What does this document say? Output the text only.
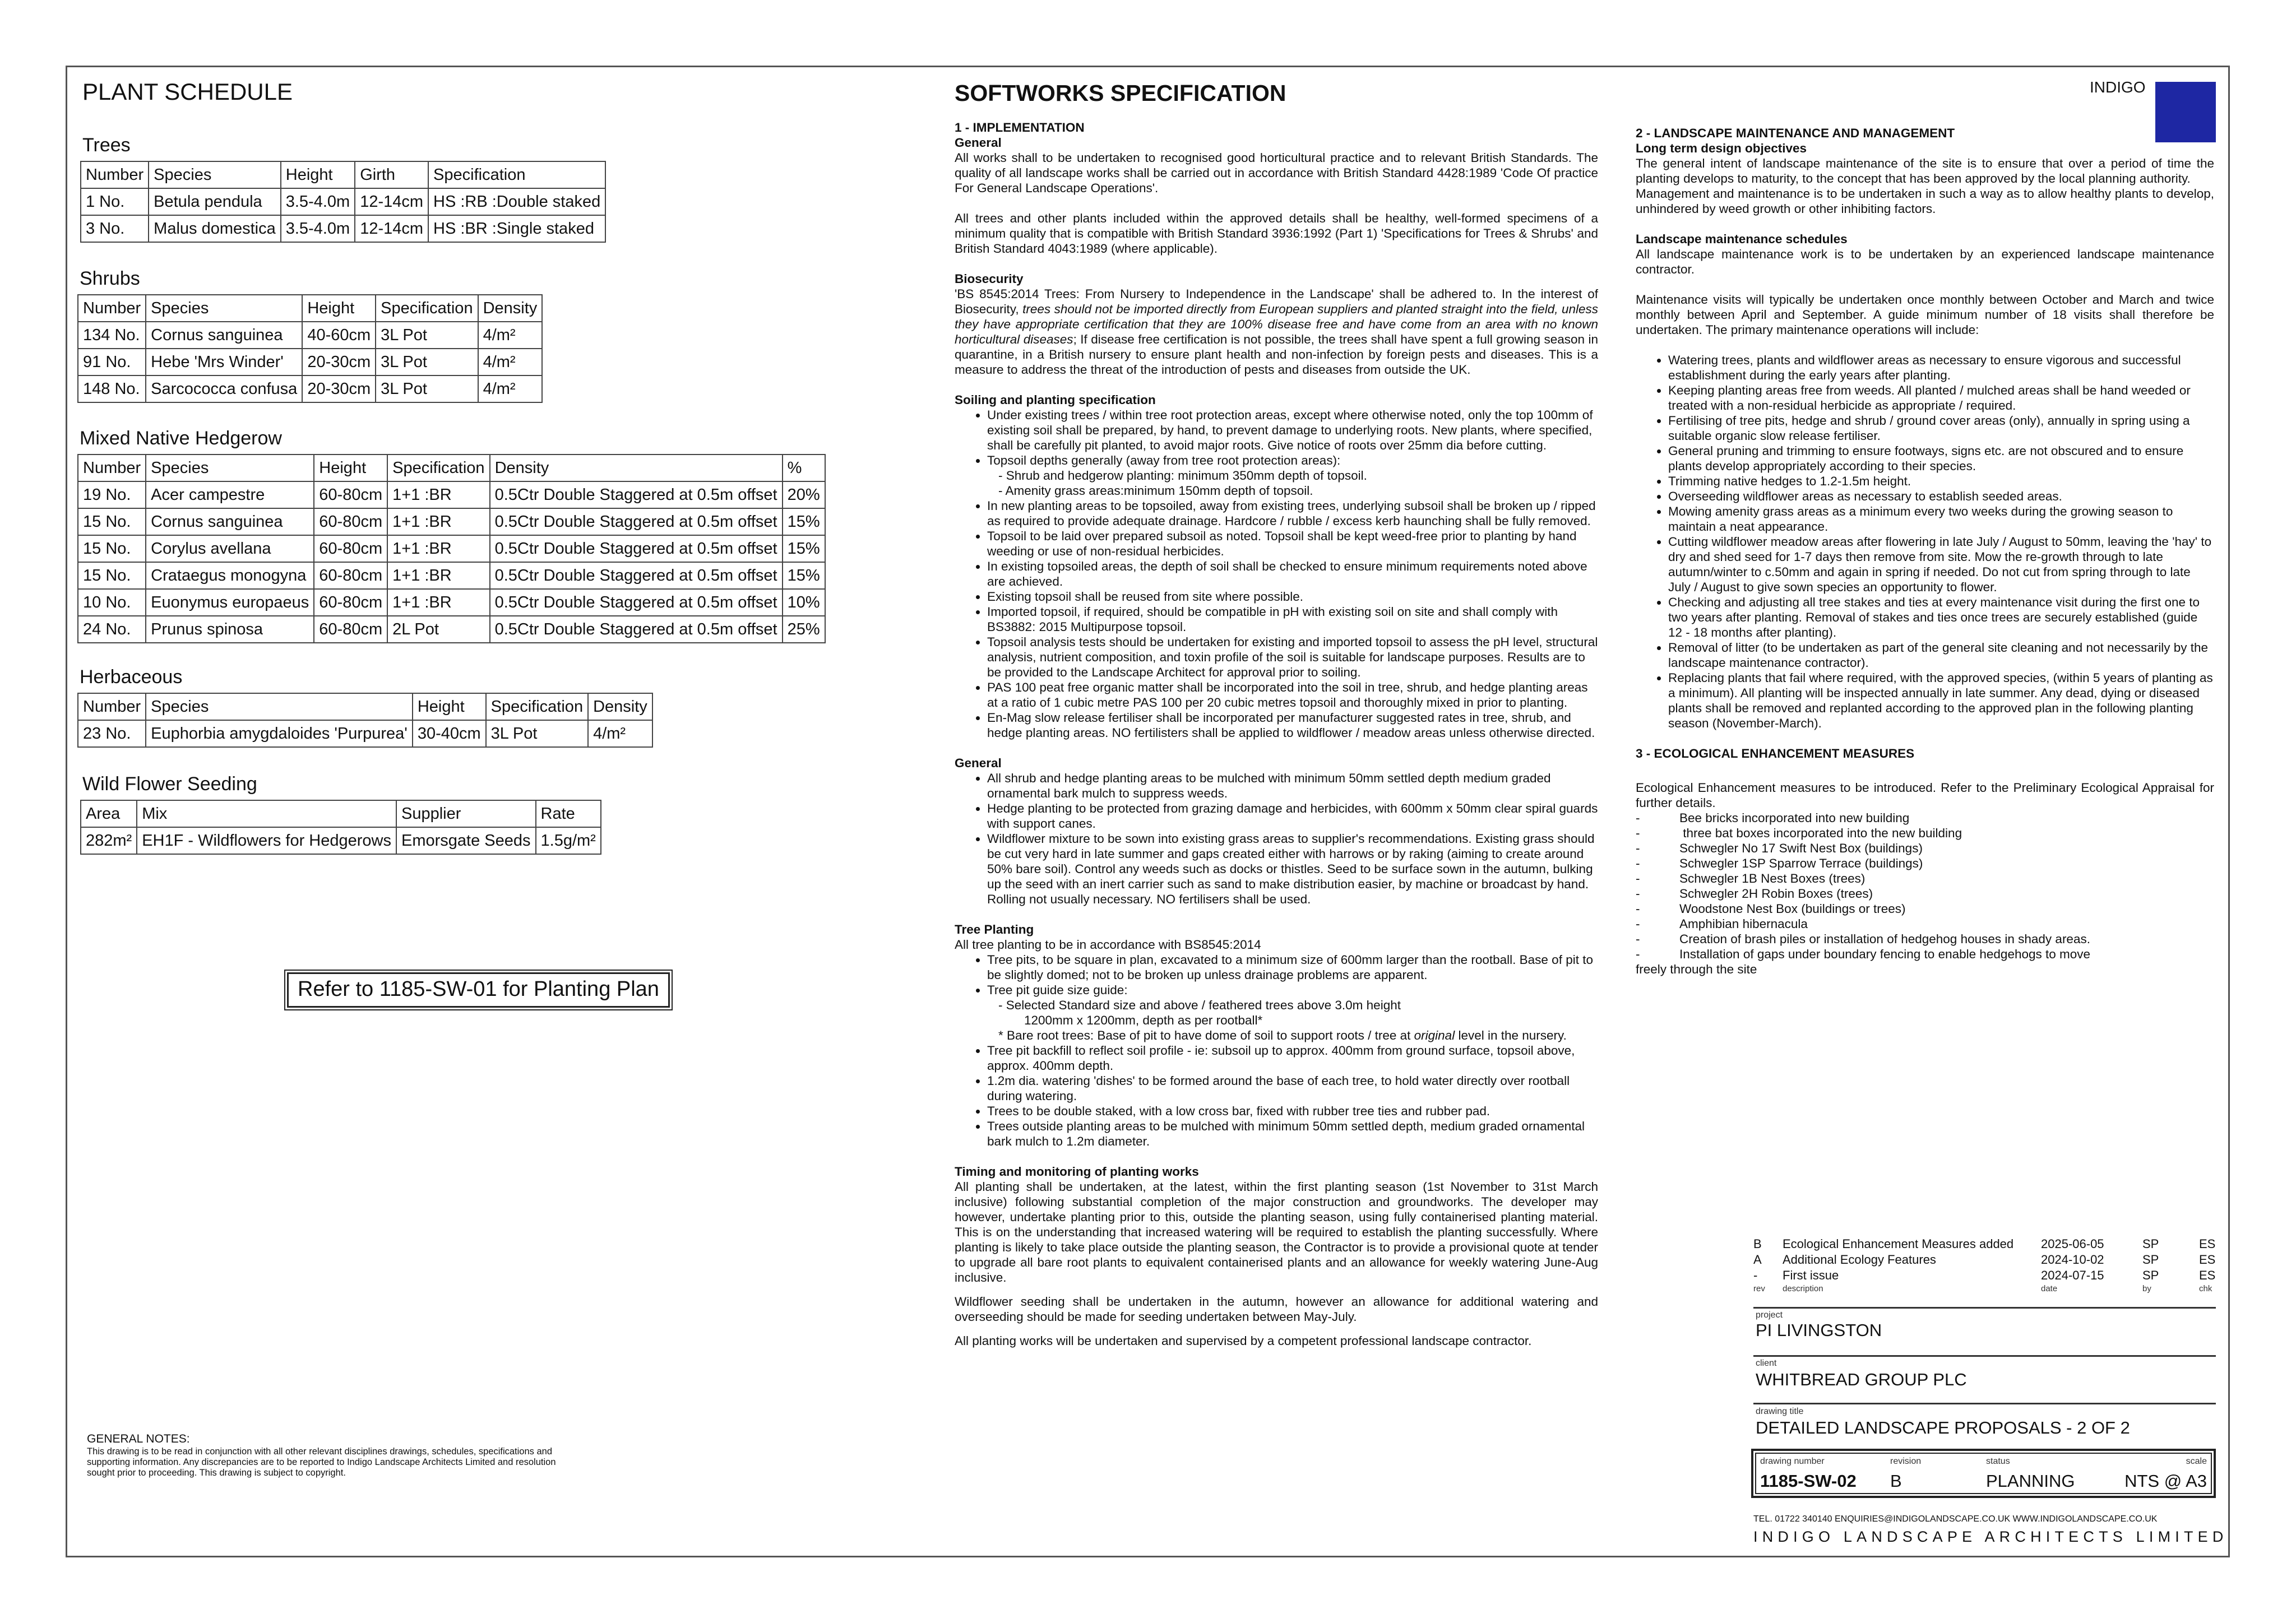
PLANT SCHEDULE
Trees
Number	Species	Height	Girth	Specification
1 No.	Betula pendula	3.5-4.0m	12-14cm	HS :RB :Double staked
3 No.	Malus domestica	3.5-4.0m	12-14cm	HS :BR :Single staked
Shrubs
Number	Species	Height	Specification	Density
134 No.	Cornus sanguinea	40-60cm	3L Pot	4/m²
91 No.	Hebe 'Mrs Winder'	20-30cm	3L Pot	4/m²
148 No.	Sarcococca confusa	20-30cm	3L Pot	4/m²
Mixed Native Hedgerow
Number	Species	Height	Specification	Density	%
19 No.	Acer campestre	60-80cm	1+1 :BR	0.5Ctr Double Staggered at 0.5m offset	20%
15 No.	Cornus sanguinea	60-80cm	1+1 :BR	0.5Ctr Double Staggered at 0.5m offset	15%
15 No.	Corylus avellana	60-80cm	1+1 :BR	0.5Ctr Double Staggered at 0.5m offset	15%
15 No.	Crataegus monogyna	60-80cm	1+1 :BR	0.5Ctr Double Staggered at 0.5m offset	15%
10 No.	Euonymus europaeus	60-80cm	1+1 :BR	0.5Ctr Double Staggered at 0.5m offset	10%
24 No.	Prunus spinosa	60-80cm	2L Pot	0.5Ctr Double Staggered at 0.5m offset	25%
Herbaceous
Number	Species	Height	Specification	Density
23 No.	Euphorbia amygdaloides 'Purpurea'	30-40cm	3L Pot	4/m²
Wild Flower Seeding
Area	Mix	Supplier	Rate
282m²	EH1F - Wildflowers for Hedgerows	Emorsgate Seeds	1.5g/m²
Refer to 1185-SW-01 for Planting Plan
GENERAL NOTES:
This drawing is to be read in conjunction with all other relevant disciplines drawings, schedules, specifications and supporting information. Any discrepancies are to be reported to Indigo Landscape Architects Limited and resolution sought prior to proceeding. This drawing is subject to copyright.
SOFTWORKS SPECIFICATION
1 - IMPLEMENTATION
General

All works shall to be undertaken to recognised good horticultural practice and to relevant British Standards. The quality of all landscape works shall be carried out in accordance with British Standard 4428:1989 'Code Of practice For General Landscape Operations'.

All trees and other plants included within the approved details shall be healthy, well-formed specimens of a minimum quality that is compatible with British Standard 3936:1992 (Part 1) 'Specifications for Trees & Shrubs' and British Standard 4043:1989 (where applicable).

Biosecurity

'BS 8545:2014 Trees: From Nursery to Independence in the Landscape' shall be adhered to. In the interest of Biosecurity, trees should not be imported directly from European suppliers and planted straight into the field, unless they have appropriate certification that they are 100% disease free and have come from an area with no known horticultural diseases; If disease free certification is not possible, the trees shall have spent a full growing season in quarantine, in a British nursery to ensure plant health and non-infection by foreign pests and diseases. This is a measure to address the threat of the introduction of pests and diseases from outside the UK.

Soiling and planting specification
• Under existing trees / within tree root protection areas, except where otherwise noted, only the top 100mm of existing soil shall be prepared, by hand, to prevent damage to underlying roots. New plants, where specified, shall be carefully pit planted, to avoid major roots. Give notice of roots over 25mm dia before cutting.
• Topsoil depths generally (away from tree root protection areas):
- Shrub and hedgerow planting: minimum 350mm depth of topsoil.
- Amenity grass areas:minimum 150mm depth of topsoil.
• In new planting areas to be topsoiled, away from existing trees, underlying subsoil shall be broken up / ripped as required to provide adequate drainage. Hardcore / rubble / excess kerb haunching shall be fully removed.
• Topsoil to be laid over prepared subsoil as noted. Topsoil shall be kept weed-free prior to planting by hand weeding or use of non-residual herbicides.
• In existing topsoiled areas, the depth of soil shall be checked to ensure minimum requirements noted above are achieved.
• Existing topsoil shall be reused from site where possible.
• Imported topsoil, if required, should be compatible in pH with existing soil on site and shall comply with BS3882: 2015 Multipurpose topsoil.
• Topsoil analysis tests should be undertaken for existing and imported topsoil to assess the pH level, structural analysis, nutrient composition, and toxin profile of the soil is suitable for landscape purposes. Results are to be provided to the Landscape Architect for approval prior to soiling.
• PAS 100 peat free organic matter shall be incorporated into the soil in tree, shrub, and hedge planting areas at a ratio of 1 cubic metre PAS 100 per 20 cubic metres topsoil and thoroughly mixed in prior to planting.
• En-Mag slow release fertiliser shall be incorporated per manufacturer suggested rates in tree, shrub, and hedge planting areas. NO fertilisters shall be applied to wildflower / meadow areas unless otherwise directed.
General
• All shrub and hedge planting areas to be mulched with minimum 50mm settled depth medium graded ornamental bark mulch to suppress weeds.
• Hedge planting to be protected from grazing damage and herbicides, with 600mm x 50mm clear spiral guards with support canes.
• Wildflower mixture to be sown into existing grass areas to supplier's recommendations. Existing grass should be cut very hard in late summer and gaps created either with harrows or by raking (aiming to create around 50% bare soil). Control any weeds such as docks or thistles. Seed to be surface sown in the autumn, bulking up the seed with an inert carrier such as sand to make distribution easier, by machine or broadcast by hand. Rolling not usually necessary. NO fertilisers shall be used.
Tree Planting
All tree planting to be in accordance with BS8545:2014
• Tree pits, to be square in plan, excavated to a minimum size of 600mm larger than the rootball. Base of pit to be slightly domed; not to be broken up unless drainage problems are apparent.
• Tree pit guide size guide:
- Selected Standard size and above / feathered trees above 3.0m height
1200mm x 1200mm, depth as per rootball*
* Bare root trees: Base of pit to have dome of soil to support roots / tree at original level in the nursery.
• Tree pit backfill to reflect soil profile - ie: subsoil up to approx. 400mm from ground surface, topsoil above, approx. 400mm depth.
• 1.2m dia. watering 'dishes' to be formed around the base of each tree, to hold water directly over rootball during watering.
• Trees to be double staked, with a low cross bar, fixed with rubber tree ties and rubber pad.
• Trees outside planting areas to be mulched with minimum 50mm settled depth, medium graded ornamental bark mulch to 1.2m diameter.
Timing and monitoring of planting works

All planting shall be undertaken, at the latest, within the first planting season (1st November to 31st March inclusive) following substantial completion of the major construction and groundworks. The developer may however, undertake planting prior to this, outside the planting season, using fully containerised planting material. This is on the understanding that increased watering will be required to establish the planting successfully. Where planting is likely to take place outside the planting season, the Contractor is to provide a provisional quote at tender to upgrade all bare root plants to equivalent containerised plants and an allowance for weekly watering June-Aug inclusive.

Wildflower seeding shall be undertaken in the autumn, however an allowance for additional watering and overseeding should be made for seeding undertaken between May-July.

All planting works will be undertaken and supervised by a competent professional landscape contractor.

2 - LANDSCAPE MAINTENANCE AND MANAGEMENT
Long term design objectives

The general intent of landscape maintenance of the site is to ensure that over a period of time the planting develops to maturity, to the concept that has been approved by the local planning authority.

Management and maintenance is to be undertaken in such a way as to allow healthy plants to develop, unhindered by weed growth or other inhibiting factors.

Landscape maintenance schedules

All landscape maintenance work is to be undertaken by an experienced landscape maintenance contractor.

Maintenance visits will typically be undertaken once monthly between October and March and twice monthly between April and September. A guide minimum number of 18 visits shall therefore be undertaken. The primary maintenance operations will include:

• Watering trees, plants and wildflower areas as necessary to ensure vigorous and successful establishment during the early years after planting.
• Keeping planting areas free from weeds. All planted / mulched areas shall be hand weeded or treated with a non-residual herbicide as appropriate / required.
• Fertilising of tree pits, hedge and shrub / ground cover areas (only), annually in spring using a suitable organic slow release fertiliser.
• General pruning and trimming to ensure footways, signs etc. are not obscured and to ensure plants develop appropriately according to their species.
• Trimming native hedges to 1.2-1.5m height.
• Overseeding wildflower areas as necessary to establish seeded areas.
• Mowing amenity grass areas as a minimum every two weeks during the growing season to maintain a neat appearance.
• Cutting wildflower meadow areas after flowering in late July / August to 50mm, leaving the 'hay' to dry and shed seed for 1-7 days then remove from site. Mow the re-growth through to late autumn/winter to c.50mm and again in spring if needed. Do not cut from spring through to late July / August to give sown species an opportunity to flower.
• Checking and adjusting all tree stakes and ties at every maintenance visit during the first one to two years after planting. Removal of stakes and ties once trees are securely established (guide 12 - 18 months after planting).
• Removal of litter (to be undertaken as part of the general site cleaning and not necessarily by the landscape maintenance contractor).
• Replacing plants that fail where required, with the approved species, (within 5 years of planting as a minimum). All planting will be inspected annually in late summer. Any dead, dying or diseased plants shall be removed and replanted according to the approved plan in the following planting season (November-March).
3 - ECOLOGICAL ENHANCEMENT MEASURES

Ecological Enhancement measures to be introduced. Refer to the Preliminary Ecological Appraisal for further details.

-	Bee bricks incorporated into new building
-	three bat boxes incorporated into the new building
-	Schwegler No 17 Swift Nest Box (buildings)
-	Schwegler 1SP Sparrow Terrace (buildings)
-	Schwegler 1B Nest Boxes (trees)
-	Schwegler 2H Robin Boxes (trees)
-	Woodstone Nest Box (buildings or trees)
-	Amphibian hibernacula
-	Creation of brash piles or installation of hedgehog houses in shady areas.
-	Installation of gaps under boundary fencing to enable hedgehogs to move
freely through the site
INDIGO
B Ecological Enhancement Measures added 2025-06-05	SP	ES
A Additional Ecology Features	2024-10-02	SP	ES
- First issue	2024-07-15	SP	ES
rev description	date	by	chk
project
PI LIVINGSTON
client
WHITBREAD GROUP PLC
drawing title
DETAILED LANDSCAPE PROPOSALS - 2 OF 2
drawing number
1185-SW-02
revision
B
status
PLANNING
scale
NTS @ A3
TEL. 01722 340140 ENQUIRIES@INDIGOLANDSCAPE.CO.UK WWW.INDIGOLANDSCAPE.CO.UK
INDIGO LANDSCAPE ARCHITECTS LIMITED
